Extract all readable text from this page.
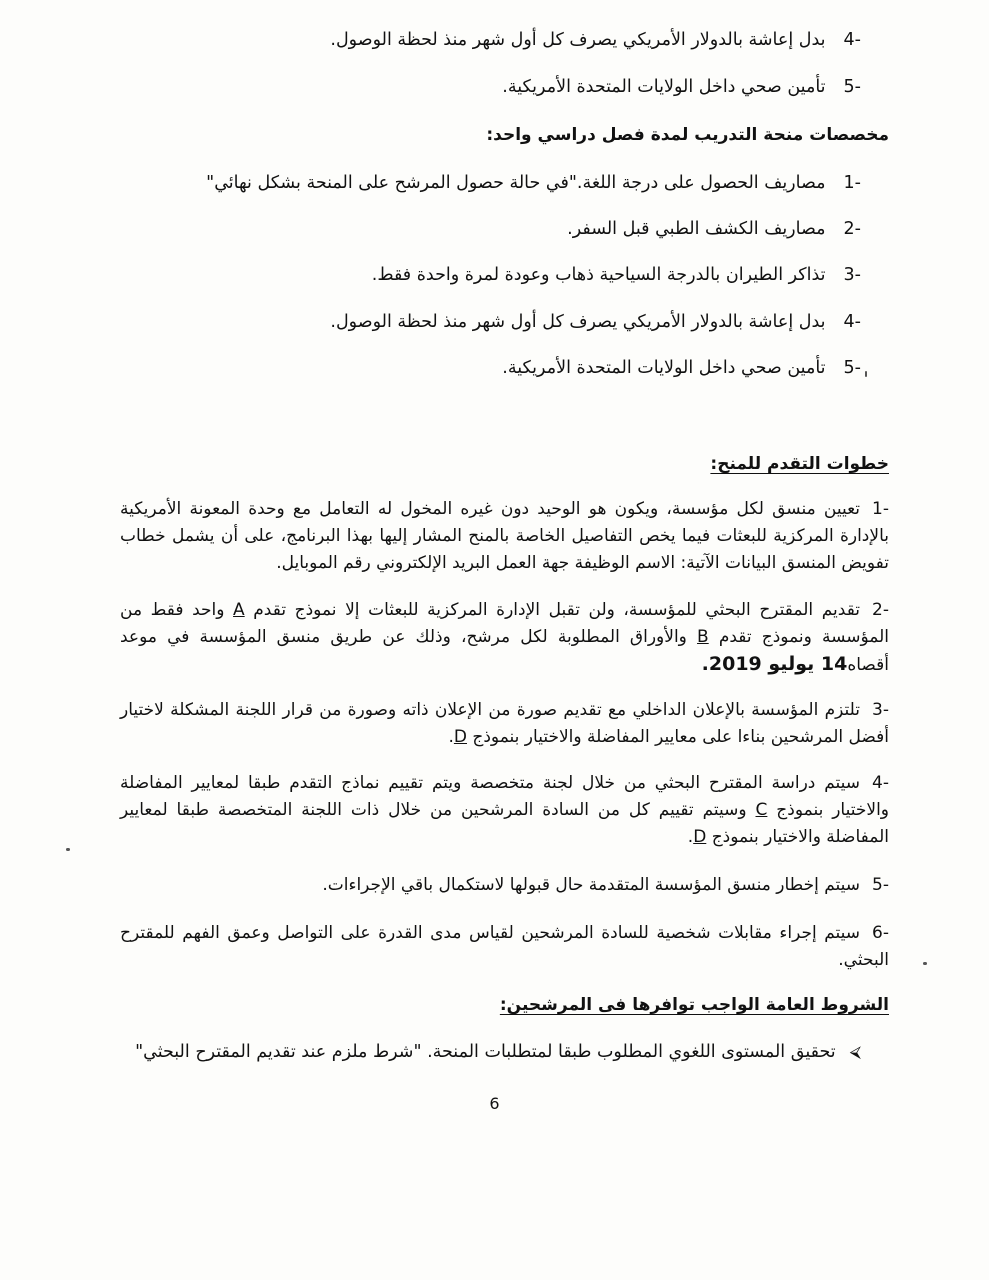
-4بدل إعاشة بالدولار الأمريكي يصرف كل أول شهر منذ لحظة الوصول.
-5تأمين صحي داخل الولايات المتحدة الأمريكية.
مخصصات منحة التدريب لمدة فصل دراسي واحد:
-1مصاريف الحصول على درجة اللغة."في حالة حصول المرشح على المنحة بشكل نهائي"
-2مصاريف الكشف الطبي قبل السفر.
-3تذاكر الطيران بالدرجة السياحية ذهاب وعودة لمرة واحدة فقط.
-4بدل إعاشة بالدولار الأمريكي يصرف كل أول شهر منذ لحظة الوصول.
-5تأمين صحي داخل الولايات المتحدة الأمريكية.
خطوات التقدم للمنح:
-1تعيين منسق لكل مؤسسة، ويكون هو الوحيد دون غيره المخول له التعامل مع وحدة المعونة الأمريكية بالإدارة المركزية للبعثات فيما يخص التفاصيل الخاصة بالمنح المشار إليها بهذا البرنامج، على أن يشمل خطاب تفويض المنسق البيانات الآتية: الاسم الوظيفة جهة العمل البريد الإلكتروني رقم الموبايل.
-2تقديم المقترح البحثي للمؤسسة، ولن تقبل الإدارة المركزية للبعثات إلا نموذج تقدم A واحد فقط من المؤسسة ونموذج تقدم B والأوراق المطلوبة لكل مرشح، وذلك عن طريق منسق المؤسسة في موعد أقصاه14 يوليو 2019.
-3تلتزم المؤسسة بالإعلان الداخلي مع تقديم صورة من الإعلان ذاته وصورة من قرار اللجنة المشكلة لاختيار أفضل المرشحين بناءا على معايير المفاضلة والاختيار بنموذج D.
-4سيتم دراسة المقترح البحثي من خلال لجنة متخصصة ويتم تقييم نماذج التقدم طبقا لمعايير المفاضلة والاختيار بنموذج C وسيتم تقييم كل من السادة المرشحين من خلال ذات اللجنة المتخصصة طبقا لمعايير المفاضلة والاختيار بنموذج D.
-5سيتم إخطار منسق المؤسسة المتقدمة حال قبولها لاستكمال باقي الإجراءات.
-6سيتم إجراء مقابلات شخصية للسادة المرشحين لقياس مدى القدرة على التواصل وعمق الفهم للمقترح البحثي.
الشروط العامة الواجب توافرها فى المرشحين:
⮘تحقيق المستوى اللغوي المطلوب طبقا لمتطلبات المنحة. "شرط ملزم عند تقديم المقترح البحثي"
6
